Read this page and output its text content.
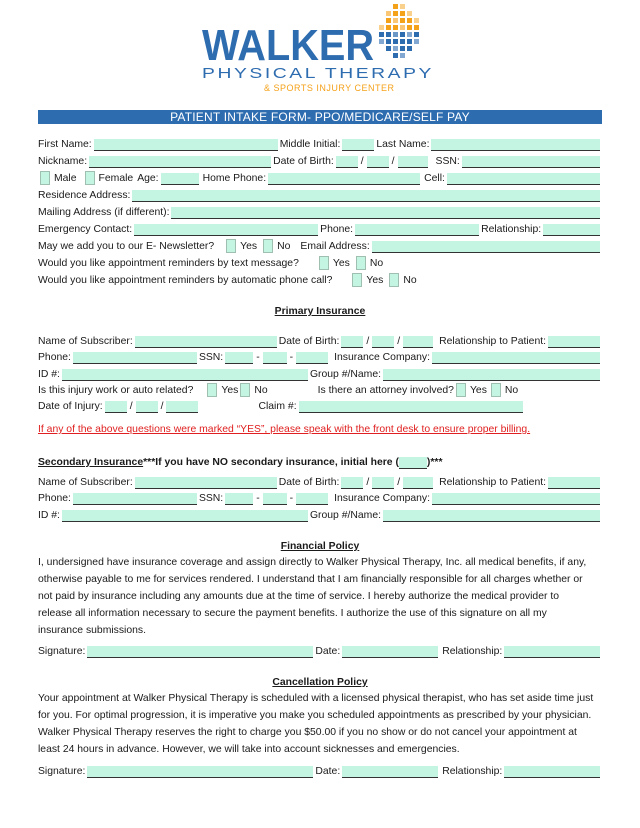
WALKER
PHYSICAL THERAPY
& SPORTS INJURY CENTER
PATIENT INTAKE FORM- PPO/MEDICARE/SELF PAY
First Name:	Middle Initial:	Last Name:
Nickname:	Date of Birth:	/	/	SSN:
Male Female Age:	Home Phone:	Cell:
Residence Address:
Mailing Address (if different):
Emergency Contact:	Phone:	Relationship:
May we add you to our E- Newsletter?	Yes No Email Address:
Would you like appointment reminders by text message?	Yes No
Would you like appointment reminders by automatic phone call?	Yes No
Primary Insurance
Name of Subscriber:	Date of Birth:	/	/	Relationship to Patient:
Phone:	SSN:	-	-	Insurance Company:
ID #:	Group #/Name:
Is this injury work or auto related?	Yes No	Is there an attorney involved? Yes No
Date of Injury:	/	/	Claim #:
If any of the above questions were marked “YES”, please speak with the front desk to ensure proper billing.
Secondary Insurance ***If you have NO secondary insurance, initial here (	)***
Name of Subscriber:	Date of Birth:	/	/	Relationship to Patient:
Phone:	SSN:	-	-	Insurance Company:
ID #:	Group #/Name:
Financial Policy
I, undersigned have insurance coverage and assign directly to Walker Physical Therapy, Inc. all medical benefits, if any,
otherwise payable to me for services rendered. I understand that I am financially responsible for all charges whether or
not paid by insurance including any amounts due at the time of service. I hereby authorize the medical provider to
release all information necessary to secure the payment benefits. I authorize the use of this signature on all my
insurance submissions.
Signature:	Date:	Relationship:
Cancellation Policy
Your appointment at Walker Physical Therapy is scheduled with a licensed physical therapist, who has set aside time just
for you. For optimal progression, it is imperative you make you scheduled appointments as prescribed by your physician.
Walker Physical Therapy reserves the right to charge you $50.00 if you no show or do not cancel your appointment at
least 24 hours in advance. However, we will take into account sicknesses and emergencies.
Signature:	Date:	Relationship:
